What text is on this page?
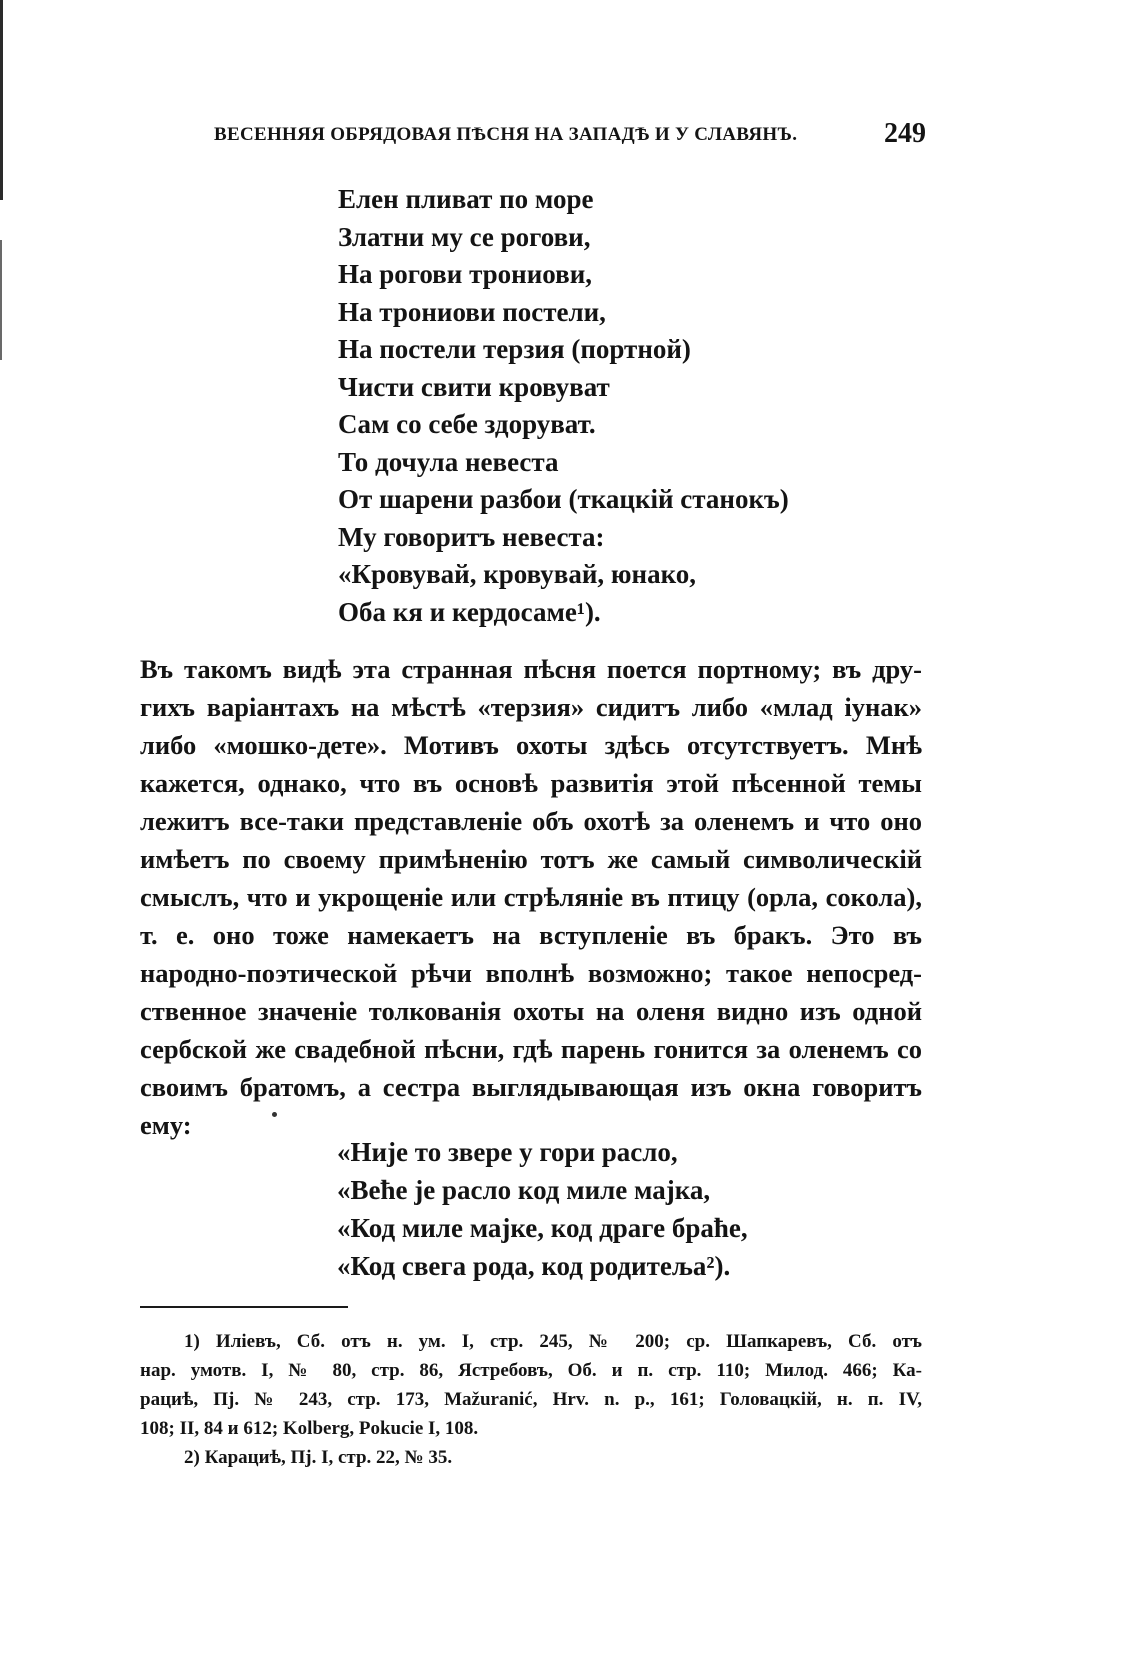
ВЕСЕННЯЯ ОБРЯДОВАЯ ПѢСНЯ НА ЗАПАДѢ И У СЛАВЯНЪ.	249
Елен пливат по море
Златни му се рогови,
На рогови трониови,
На трониови постели,
На постели терзия (портной)
Чисти свити кровуват
Сам со себе здоруват.
То дочула невеста
От шарени разбои (ткацкій станокъ)
Му говоритъ невеста:
«Кровувай, кровувай, юнако,
Оба кя и кердосаме¹).
Въ такомъ видѣ эта странная пѣсня поется портному; въ дру-
гихъ варіантахъ на мѣстѣ «терзия» сидитъ либо «млад іунак»
либо «мошко-дете». Мотивъ охоты здѣсь отсутствуетъ. Мнѣ
кажется, однако, что въ основѣ развитія этой пѣсенной темы
лежитъ все-таки представленіе объ охотѣ за оленемъ и что оно
имѣетъ по своему примѣненію тотъ же самый символическій
смыслъ, что и укрощеніе или стрѣляніе въ птицу (орла, сокола),
т. е. оно тоже намекаетъ на вступленіе въ бракъ. Это въ
народно-поэтической рѣчи вполнѣ возможно; такое непосред-
ственное значеніе толкованія охоты на оленя видно изъ одной
сербской же свадебной пѣсни, гдѣ парень гонится за оленемъ со
своимъ братомъ, а сестра выглядывающая изъ окна говоритъ
ему:
«Није то звере у гори расло,
«Веће је расло код миле мајка,
«Код миле мајке, код драге браће,
«Код свега рода, код родитеља²).
1) Иліевъ, Сб. отъ н. ум. I, стр. 245, № 200; ср. Шапкаревъ, Сб. отъ
нар. умотв. I, № 80, стр. 86, Ястребовъ, Об. и п. стр. 110; Милод. 466; Ка-
рациѣ, Пј. № 243, стр. 173, Mažuranić, Hrv. n. p., 161; Головацкій, н. п. IV,
108; II, 84 и 612; Kolberg, Pokucie I, 108.
2) Карациѣ, Пј. I, стр. 22, № 35.
